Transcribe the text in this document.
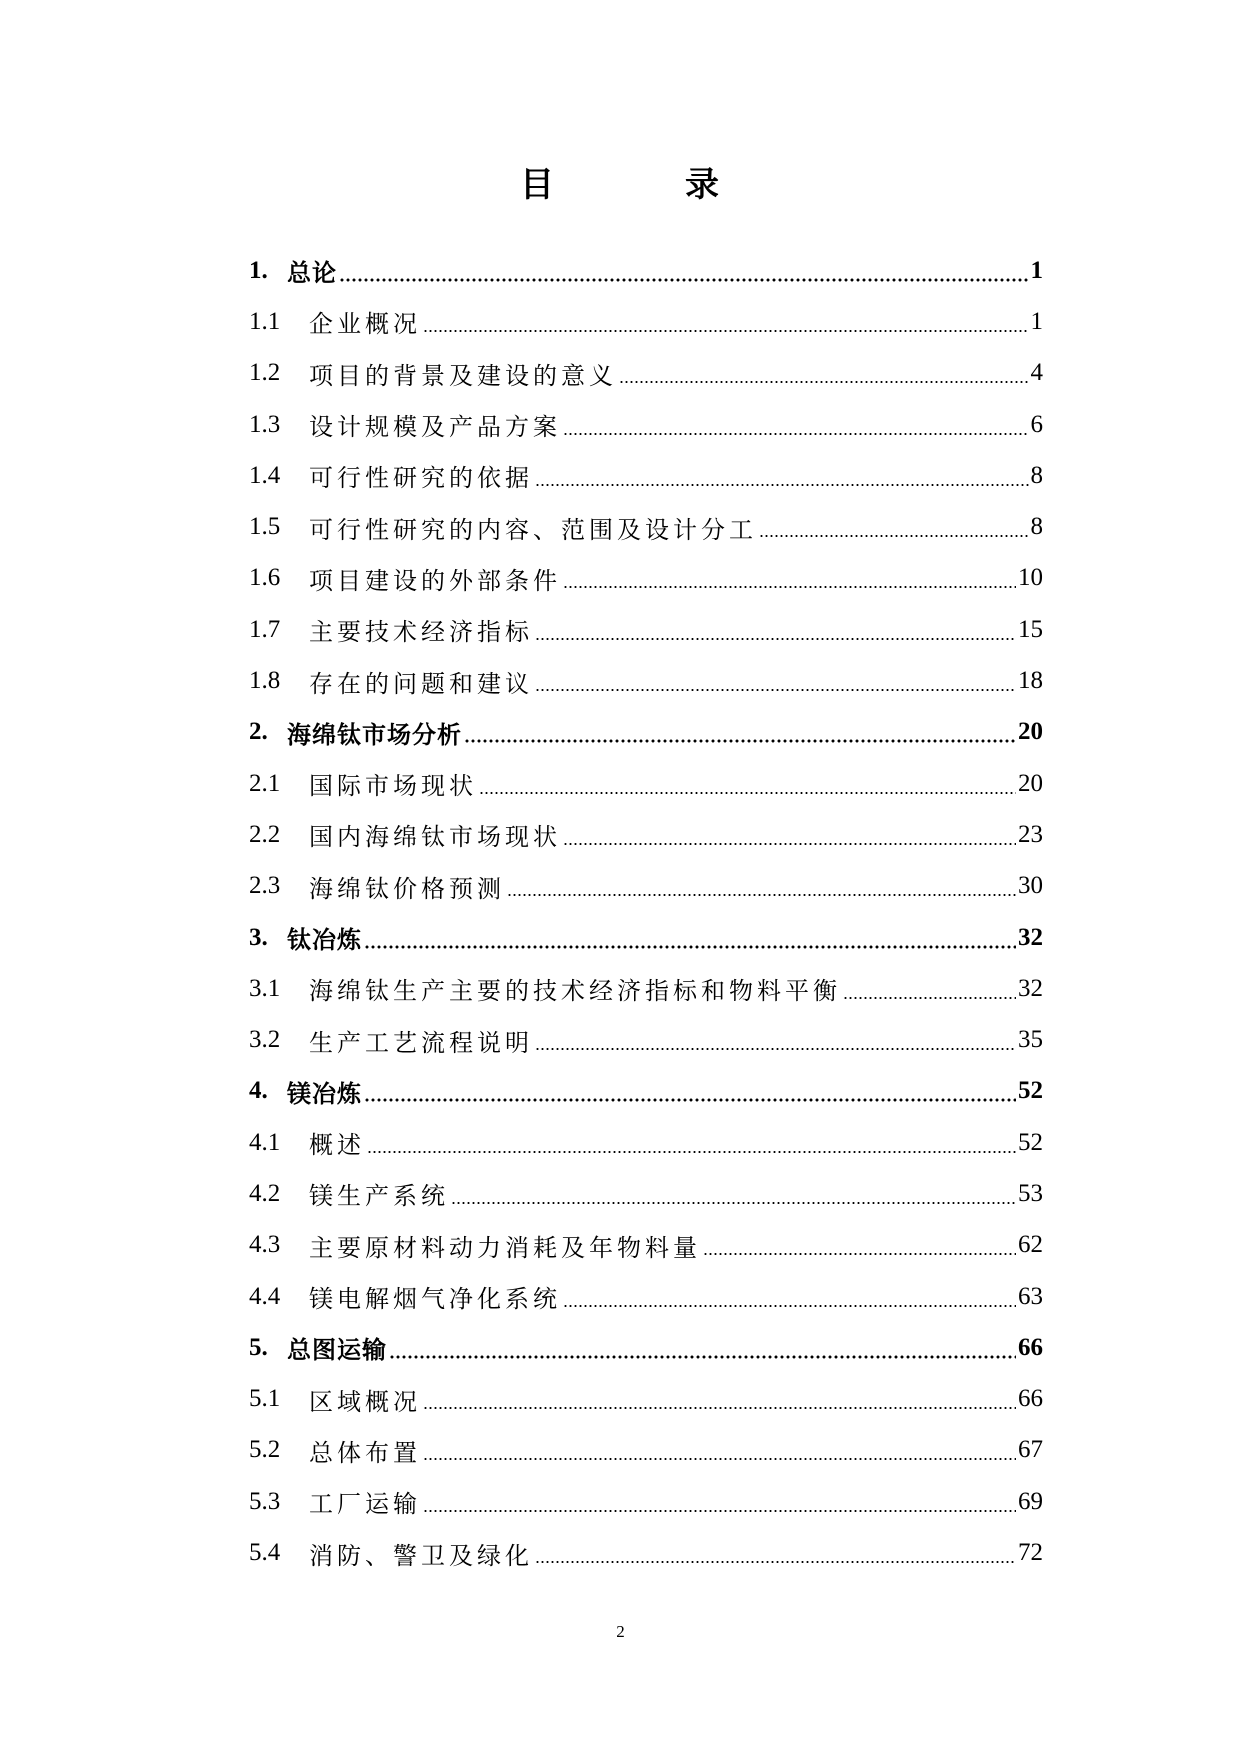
目	录
1. 总论	1
1.1	企业概况	1
1.2	项目的背景及建设的意义	4
1.3	设计规模及产品方案	6
1.4	可行性研究的依据	8
1.5	可行性研究的内容、范围及设计分工	8
1.6	项目建设的外部条件	10
1.7	主要技术经济指标	15
1.8	存在的问题和建议	18
2. 海绵钛市场分析	20
2.1	国际市场现状	20
2.2	国内海绵钛市场现状	23
2.3	海绵钛价格预测	30
3. 钛冶炼	32
3.1	海绵钛生产主要的技术经济指标和物料平衡	32
3.2	生产工艺流程说明	35
4. 镁冶炼	52
4.1	概述	52
4.2	镁生产系统	53
4.3	主要原材料动力消耗及年物料量	62
4.4	镁电解烟气净化系统	63
5. 总图运输	66
5.1	区域概况	66
5.2	总体布置	67
5.3	工厂运输	69
5.4	消防、警卫及绿化	72
2
